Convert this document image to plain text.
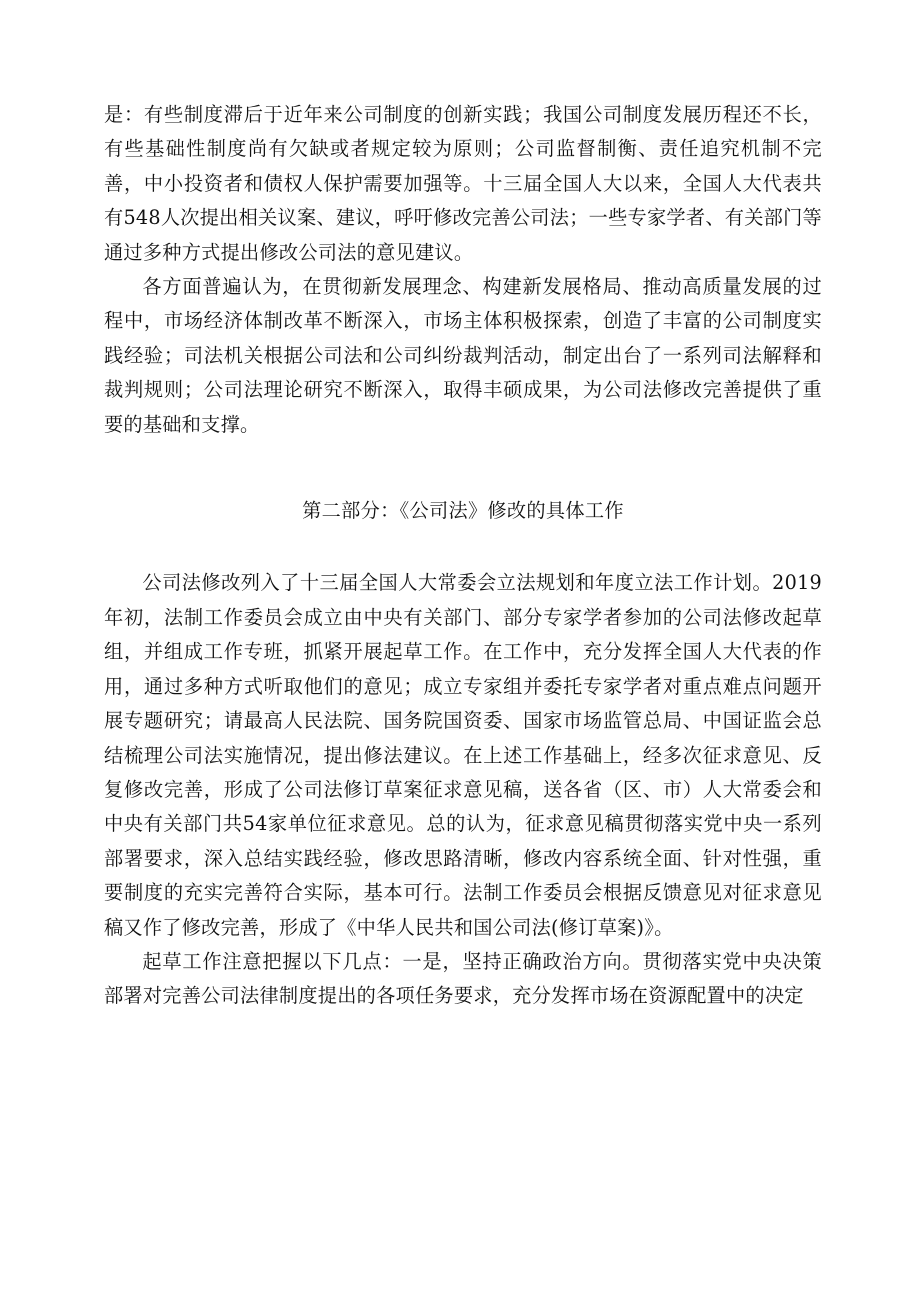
是：有些制度滞后于近年来公司制度的创新实践；我国公司制度发展历程还不长，有些基础性制度尚有欠缺或者规定较为原则；公司监督制衡、责任追究机制不完善，中小投资者和债权人保护需要加强等。十三届全国人大以来，全国人大代表共有548人次提出相关议案、建议，呼吁修改完善公司法；一些专家学者、有关部门等通过多种方式提出修改公司法的意见建议。

各方面普遍认为，在贯彻新发展理念、构建新发展格局、推动高质量发展的过程中，市场经济体制改革不断深入，市场主体积极探索，创造了丰富的公司制度实践经验；司法机关根据公司法和公司纠纷裁判活动，制定出台了一系列司法解释和裁判规则；公司法理论研究不断深入，取得丰硕成果，为公司法修改完善提供了重要的基础和支撑。

第二部分：《公司法》修改的具体工作

公司法修改列入了十三届全国人大常委会立法规划和年度立法工作计划。2019年初，法制工作委员会成立由中央有关部门、部分专家学者参加的公司法修改起草组，并组成工作专班，抓紧开展起草工作。在工作中，充分发挥全国人大代表的作用，通过多种方式听取他们的意见；成立专家组并委托专家学者对重点难点问题开展专题研究；请最高人民法院、国务院国资委、国家市场监管总局、中国证监会总结梳理公司法实施情况，提出修法建议。在上述工作基础上，经多次征求意见、反复修改完善，形成了公司法修订草案征求意见稿，送各省（区、市）人大常委会和中央有关部门共54家单位征求意见。总的认为，征求意见稿贯彻落实党中央一系列部署要求，深入总结实践经验，修改思路清晰，修改内容系统全面、针对性强，重要制度的充实完善符合实际，基本可行。法制工作委员会根据反馈意见对征求意见稿又作了修改完善，形成了《中华人民共和国公司法(修订草案)》。

起草工作注意把握以下几点：一是，坚持正确政治方向。贯彻落实党中央决策部署对完善公司法律制度提出的各项任务要求，充分发挥市场在资源配置中的决定
